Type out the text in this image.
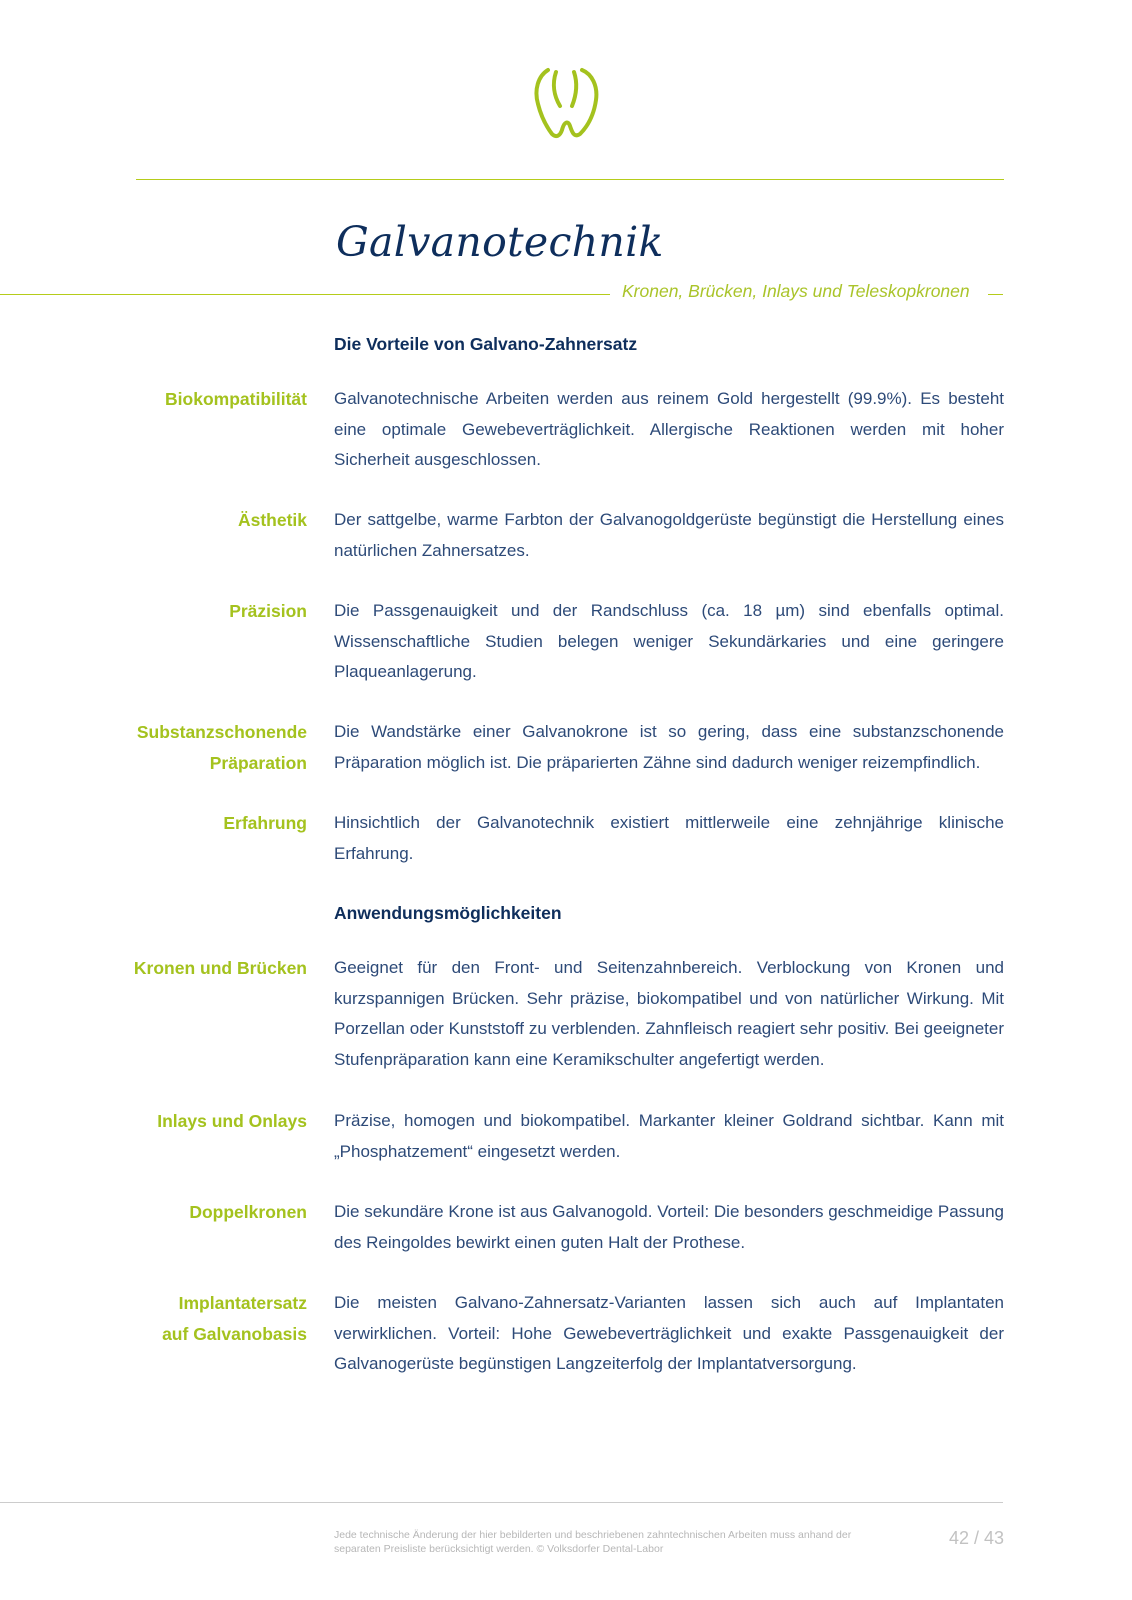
Galvanotechnik
Kronen, Brücken, Inlays und Teleskopkronen
Die Vorteile von Galvano-Zahnersatz
Biokompatibilität Galvanotechnische Arbeiten werden aus reinem Gold hergestellt (99.9%). Es besteht eine optimale Gewebeverträglichkeit. Allergische Reaktionen werden mit hoher Sicherheit ausgeschlossen.

Ästhetik Der sattgelbe, warme Farbton der Galvanogoldgerüste begünstigt die Herstellung eines natürlichen Zahnersatzes.

Präzision Die Passgenauigkeit und der Randschluss (ca. 18 µm) sind ebenfalls optimal. Wissenschaftliche Studien belegen weniger Sekundärkaries und eine geringere Plaqueanlagerung.

Substanzschonende
Präparation

Die Wandstärke einer Galvanokrone ist so gering, dass eine substanzschonende Präparation möglich ist. Die präparierten Zähne sind dadurch weniger reizempfindlich.

Erfahrung Hinsichtlich der Galvanotechnik existiert mittlerweile eine zehnjährige klinische Erfahrung.

Anwendungsmöglichkeiten
Kronen und Brücken Geeignet für den Front- und Seitenzahnbereich. Verblockung von Kronen und kurzspannigen Brücken. Sehr präzise, biokompatibel und von natürlicher Wirkung. Mit Porzellan oder Kunststoff zu verblenden. Zahnfleisch reagiert sehr positiv. Bei geeigneter Stufenpräparation kann eine Keramikschulter angefertigt werden.

Inlays und Onlays Präzise, homogen und biokompatibel. Markanter kleiner Goldrand sichtbar. Kann mit „Phosphatzement“ eingesetzt werden.

Doppelkronen Die sekundäre Krone ist aus Galvanogold. Vorteil: Die besonders geschmeidige Passung des Reingoldes bewirkt einen guten Halt der Prothese.

Implantatersatz
auf Galvanobasis

Die meisten Galvano-Zahnersatz-Varianten lassen sich auch auf Implantaten verwirklichen. Vorteil: Hohe Gewebeverträglichkeit und exakte Passgenauigkeit der Galvanogerüste begünstigen Langzeiterfolg der Implantatversorgung.

Jede technische Änderung der hier bebilderten und beschriebenen zahntechnischen Arbeiten muss anhand der separaten Preisliste berücksichtigt werden. © Volksdorfer Dental-Labor
42 / 43
